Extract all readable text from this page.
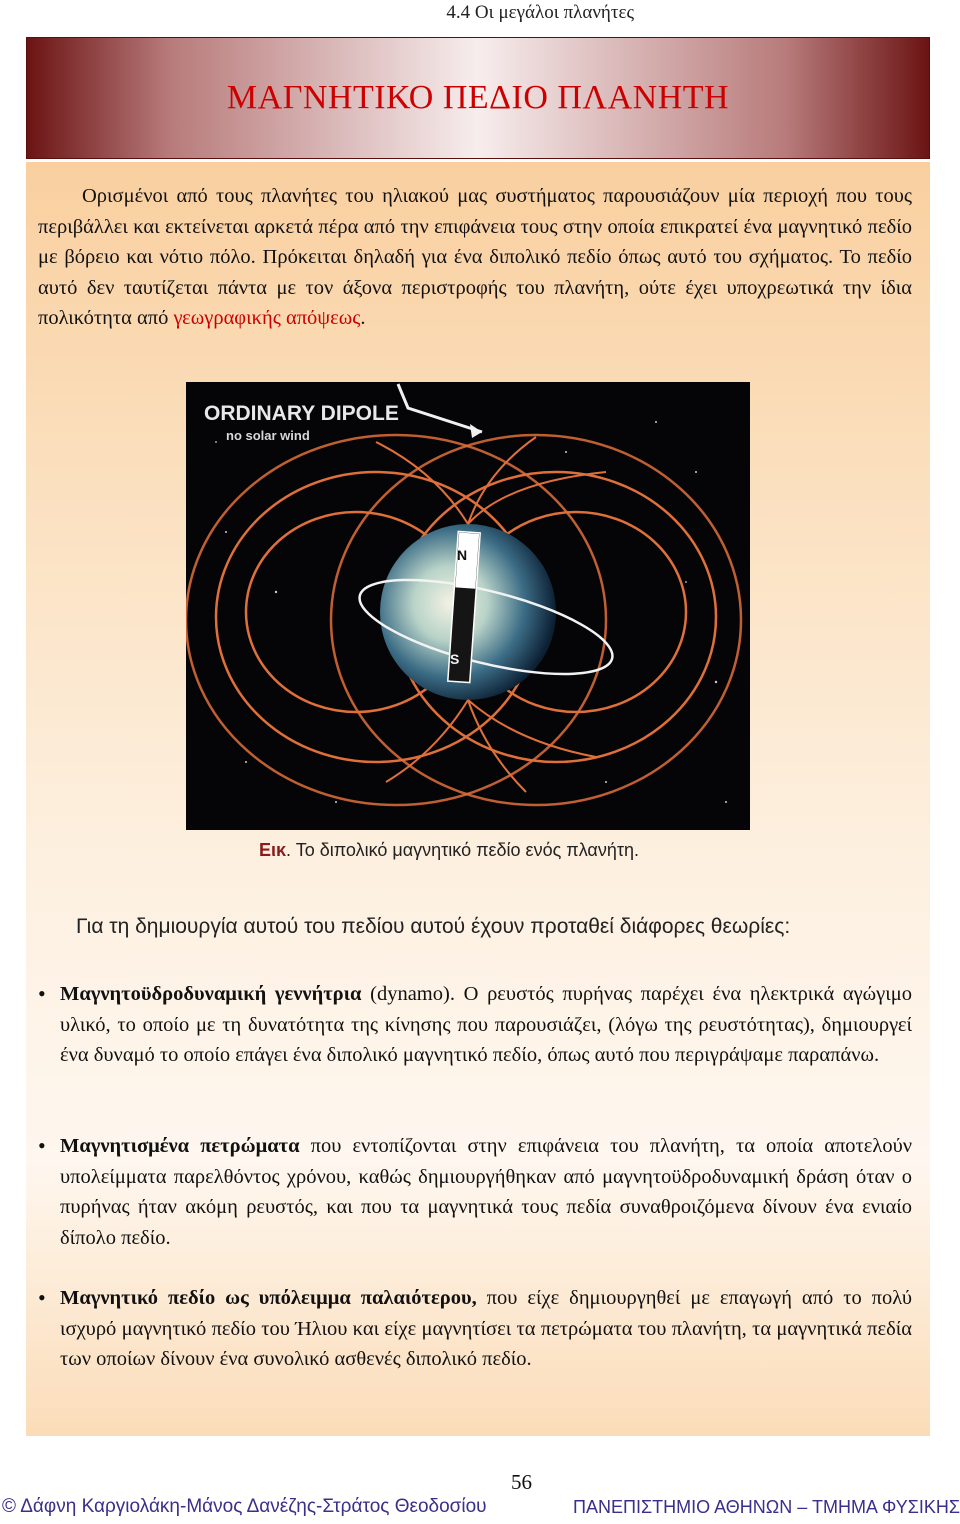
4.4 Οι μεγάλοι πλανήτες
ΜΑΓΝΗΤΙΚΟ ΠΕΔΙΟ ΠΛΑΝΗΤΗ

Ορισμένοι από τους πλανήτες του ηλιακού μας συστήματος παρουσιάζουν μία περιοχή που τους περιβάλλει και εκτείνεται αρκετά πέρα από την επιφάνεια τους στην οποία επικρατεί ένα μαγνητικό πεδίο με βόρειο και νότιο πόλο. Πρόκειται δηλαδή για ένα διπολικό πεδίο όπως αυτό του σχήματος. Το πεδίο αυτό δεν ταυτίζεται πάντα με τον άξονα περιστροφής του πλανήτη, ούτε έχει υποχρεωτικά την ίδια πολικότητα από γεωγραφικής απόψεως.

ORDINARY DIPOLE
no solar wind
N
S
Εικ. Το διπολικό μαγνητικό πεδίο ενός πλανήτη.
Για τη δημιουργία αυτού του πεδίου αυτού έχουν προταθεί διάφορες θεωρίες:
• Μαγνητοϋδροδυναμική γεννήτρια (dynamo). Ο ρευστός πυρήνας παρέχει ένα ηλεκτρικά αγώγιμο υλικό, το οποίο με τη δυνατότητα της κίνησης που παρουσιάζει, (λόγω της ρευστότητας), δημιουργεί ένα δυναμό το οποίο επάγει ένα διπολικό μαγνητικό πεδίο, όπως αυτό που περιγράψαμε παραπάνω.
• Μαγνητισμένα πετρώματα που εντοπίζονται στην επιφάνεια του πλανήτη, τα οποία αποτελούν υπολείμματα παρελθόντος χρόνου, καθώς δημιουργήθηκαν από μαγνητοϋδροδυναμική δράση όταν ο πυρήνας ήταν ακόμη ρευστός, και που τα μαγνητικά τους πεδία συναθροιζόμενα δίνουν ένα ενιαίο δίπολο πεδίο.
• Μαγνητικό πεδίο ως υπόλειμμα παλαιότερου, που είχε δημιουργηθεί με επαγωγή από το πολύ ισχυρό μαγνητικό πεδίο του Ήλιου και είχε μαγνητίσει τα πετρώματα του πλανήτη, τα μαγνητικά πεδία των οποίων δίνουν ένα συνολικό ασθενές διπολικό πεδίο.
56
© Δάφνη Καργιολάκη-Μάνος Δανέζης-Στράτος Θεοδοσίου	ΠΑΝΕΠΙΣΤΗΜΙΟ ΑΘΗΝΩΝ – ΤΜΗΜΑ ΦΥΣΙΚΗΣ
